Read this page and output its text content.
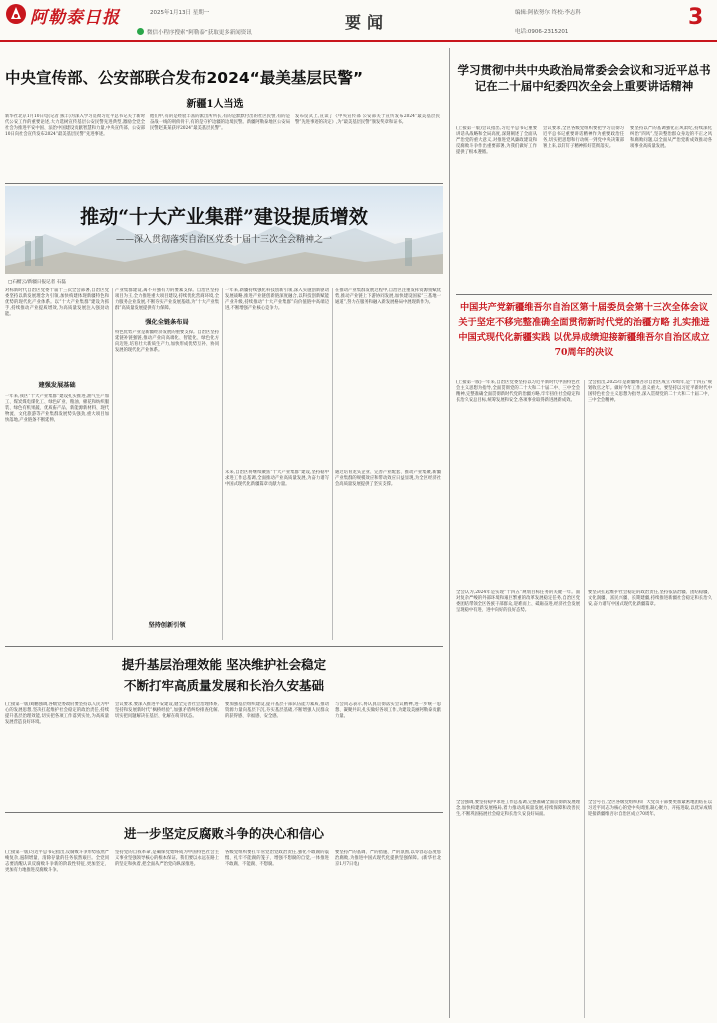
阿勒泰日报	2025年1月13日 星期一
微信小程序搜索“阿勒泰”获取更多新闻资讯
要闻	编辑:阿依努尔 终校:李志科
电话:0906-2315201
3
中央宣传部、公安部联合发布2024“最美基层民警”
新疆1人当选
新华社北京1月10日电(记者 熊丰)为深入学习贯彻习近平总书记关于新时代公安工作的重要论述,大力选树宣传基层公安民警先进典型,激励全党全社会为推进平安中国、法治中国建设贡献智慧和力量,中央宣传部、公安部10日向社会宣传发布2024“最美基层民警”先进事迹。
他们中,有的是经验丰富的派出所所长,有的是默默付出的社区民警,有的是奋战一线的刑侦骨干,有的是守护边疆的边境民警。新疆阿勒泰地区公安局民警赵某某获评2024“最美基层民警”。
发布仪式上,宣读了《中央宣传部 公安部关于宣传发布2024“最美基层民警”先进事迹的决定》,为“最美基层民警”颁发奖章和证书。
推动“十大产业集群”建设提质增效
——深入贯彻落实自治区党委十届十三次全会精神之一
□石榴云/新疆日报记者 石磊
对标新时代自治区党委十届十三次全会部署,自治区党委坚持以新发展理念为引领,加快构建体现新疆特色和优势的现代化产业体系。以“十大产业集群”建设为抓手,持续推动产业提质增效,为高质量发展注入强劲动能。
建强发展基础
一年来,我区“十大产业集群”建设扎实推进,油气生产加工、煤炭煤电煤化工、绿色矿业、粮油、棉花和纺织服装、绿色有机果蔬、优质畜产品、新能源新材料、现代物流、文化旅游等产业集群发展势头强劲,重大项目加快落地,产业链条不断延伸。
产业集群建设,离不开强有力的要素支撑。自治区坚持项目为王,全力推进重大项目建设,持续优化营商环境,全力服务企业发展,不断夯实产业发展基础,为“十大产业集群”高质量发展提供有力保障。
强化全链条布局
特色优势产业是新疆经济发展的重要支撑。自治区坚持延链补链强链,推动产业向高端化、智能化、绿色化方向迈进,培育壮大新质生产力,加快形成优势互补、协同发展的现代化产业体系。
坚持创新引领
一年来,新疆持续强化科技创新引领,深入实施创新驱动发展战略,推进产业链创新链深度融合,以科技创新赋能产业升级,持续推动“十大产业集群”向价值链中高端迈进,不断增强产业核心竞争力。
未来,自治区将继续聚焦“十大产业集群”建设,坚持稳中求进工作总基调,全面推动产业高质量发展,为奋力谱写中国式现代化新疆篇章贡献力量。
在推动产业集群发展过程中,自治区注重发挥资源禀赋优势,推动产业链上下游协同发展,加快建设国家“三基地一通道”,努力在服务和融入新发展格局中展现新作为。
通过培育龙头企业、完善产业配套、推动产业集聚,新疆产业集群的规模效应和带动效应日益显现,为全区经济社会高质量发展提供了坚实支撑。
提升基层治理效能 坚决维护社会稳定
不断打牢高质量发展和长治久安基础
(上接第一版)刘鹏强调,各级党委政府要坚持以人民为中心的发展思想,坚决扛起维护社会稳定的政治责任,持续提升基层治理效能,切实把各项工作落到实处,为高质量发展营造良好环境。
会议要求,要深入推进平安建设,健全完善社会治理体系,坚持和发展新时代“枫桥经验”,加强矛盾纠纷排查化解,切实把问题解决在基层、化解在萌芽状态。
要加强基层组织建设,提升基层干部队伍能力素质,推动资源力量向基层下沉,夯实基层基础,不断增强人民群众的获得感、幸福感、安全感。
与会同志表示,将认真贯彻落实会议精神,进一步统一思想、凝聚共识,扎实做好各项工作,为建设美丽阿勒泰贡献力量。
进一步坚定反腐败斗争的决心和信心
(上接第一版)习近平总书记指出,反腐败斗争形势依然严峻复杂,遏制增量、清除存量的任务依然艰巨。全党同志要清醒认识反腐败斗争新的阶段性特征,更加坚定、更加有力地推进反腐败斗争。
坚持党的自我革命,是确保党始终成为中国特色社会主义事业坚强领导核心的根本保证。我们要以永远在路上的坚定和执着,把全面从严治党向纵深推进。
各级党组织要扛牢管党治党政治责任,强化不敢腐的震慑、扎牢不能腐的笼子、增强不想腐的自觉,一体推进不敢腐、不能腐、不想腐。
要坚持严的基调、严的措施、严的氛围,以零容忍态度惩治腐败,为推进中国式现代化提供坚强保障。(新华社北京1月7日电)
学习贯彻中共中央政治局常委会会议和习近平总书记在二十届中纪委四次全会上重要讲话精神
(上接第一版)会议指出,习近平总书记重要讲话从战略和全局高度,深刻阐述了全面从严治党的重大意义,对推进党风廉政建设和反腐败斗争作出重要部署,为我们做好工作提供了根本遵循。
会议要求,全区各级党组织要把学习贯彻习近平总书记重要讲话精神作为重要政治任务,切实把思想和行动统一到党中央决策部署上来,以钉钉子精神抓好贯彻落实。
要坚持以严的基调强化正风肃纪,持续深化纠治“四风”,坚决整治群众身边的不正之风和腐败问题,以全面从严治党新成效推动各项事业高质量发展。
中国共产党新疆维吾尔自治区第十届委员会第十三次全体会议 关于坚定不移完整准确全面贯彻新时代党的治疆方略 扎实推进中国式现代化新疆实践 以优异成绩迎接新疆维吾尔自治区成立70周年的决议
(上接第一版)一年来,自治区党委坚持以习近平新时代中国特色社会主义思想为指导,全面贯彻党的二十大和二十届二中、三中全会精神,完整准确全面贯彻新时代党的治疆方略,牢牢扭住社会稳定和长治久安总目标,统筹发展和安全,各项事业取得新进展新成效。
全会认为,2024年是实现“十四五”规划目标任务的关键一年。面对复杂严峻的外部环境和艰巨繁重的改革发展稳定任务,自治区党委团结带领全区各族干部群众,迎难而上、砥砺奋进,经济社会发展呈现稳中有进、进中向好的良好态势。
全会强调,要坚持稳中求进工作总基调,完整准确全面贯彻新发展理念,加快构建新发展格局,着力推动高质量发展,持续保障和改善民生,不断巩固拓展社会稳定和长治久安良好局面。
全会指出,2025年是新疆维吾尔自治区成立70周年,是“十四五”规划收官之年。做好今年工作,意义重大。要坚持以习近平新时代中国特色社会主义思想为指导,深入贯彻党的二十大和二十届二中、三中全会精神。
要坚决扛起维护社会稳定的政治责任,坚持依法治疆、团结稳疆、文化润疆、富民兴疆、长期建疆,持续推进新疆社会稳定和长治久安,奋力谱写中国式现代化新疆篇章。
全会号召,全区各级党组织和广大党员干部要更加紧密地团结在以习近平同志为核心的党中央周围,凝心聚力、开拓进取,以优异成绩迎接新疆维吾尔自治区成立70周年。
